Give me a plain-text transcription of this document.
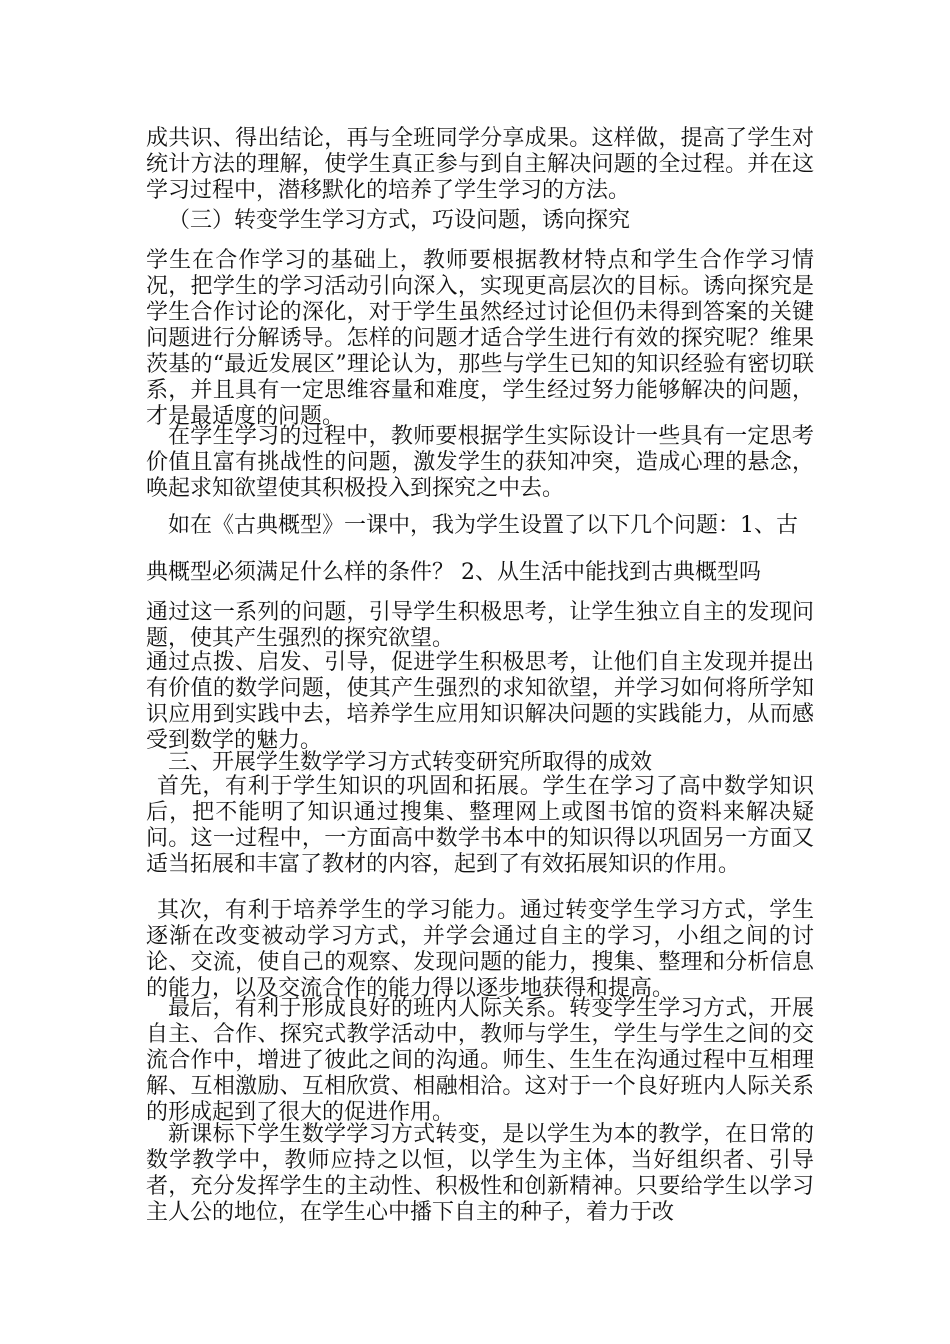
成共识、得出结论，再与全班同学分享成果。这样做，提高了学生对统计方法的理解，使学生真正参与到自主解决问题的全过程。并在这学习过程中，潜移默化的培养了学生学习的方法。
（三）转变学生学习方式，巧设问题，诱向探究
学生在合作学习的基础上，教师要根据教材特点和学生合作学习情况，把学生的学习活动引向深入，实现更高层次的目标。诱向探究是学生合作讨论的深化，对于学生虽然经过讨论但仍未得到答案的关键问题进行分解诱导。怎样的问题才适合学生进行有效的探究呢？维果茨基的“最近发展区”理论认为，那些与学生已知的知识经验有密切联系，并且具有一定思维容量和难度，学生经过努力能够解决的问题，才是最适度的问题。
在学生学习的过程中，教师要根据学生实际设计一些具有一定思考价值且富有挑战性的问题，激发学生的获知冲突，造成心理的悬念，唤起求知欲望使其积极投入到探究之中去。
如在《古典概型》一课中，我为学生设置了以下几个问题：1、古
典概型必须满足什么样的条件？ 2、从生活中能找到古典概型吗
通过这一系列的问题，引导学生积极思考，让学生独立自主的发现问题，使其产生强烈的探究欲望。
通过点拨、启发、引导，促进学生积极思考，让他们自主发现并提出有价值的数学问题，使其产生强烈的求知欲望，并学习如何将所学知识应用到实践中去，培养学生应用知识解决问题的实践能力，从而感受到数学的魅力。
三、开展学生数学学习方式转变研究所取得的成效
首先，有利于学生知识的巩固和拓展。学生在学习了高中数学知识后，把不能明了知识通过搜集、整理网上或图书馆的资料来解决疑问。这一过程中，一方面高中数学书本中的知识得以巩固另一方面又适当拓展和丰富了教材的内容，起到了有效拓展知识的作用。
其次，有利于培养学生的学习能力。通过转变学生学习方式，学生逐渐在改变被动学习方式，并学会通过自主的学习，小组之间的讨论、交流，使自己的观察、发现问题的能力，搜集、整理和分析信息的能力，以及交流合作的能力得以逐步地获得和提高。
最后，有利于形成良好的班内人际关系。转变学生学习方式，开展自主、合作、探究式教学活动中，教师与学生，学生与学生之间的交流合作中，增进了彼此之间的沟通。师生、生生在沟通过程中互相理解、互相激励、互相欣赏、相融相洽。这对于一个良好班内人际关系的形成起到了很大的促进作用。
新课标下学生数学学习方式转变，是以学生为本的教学，在日常的数学教学中，教师应持之以恒，以学生为主体，当好组织者、引导者，充分发挥学生的主动性、积极性和创新精神。只要给学生以学习主人公的地位，在学生心中播下自主的种子，着力于改
